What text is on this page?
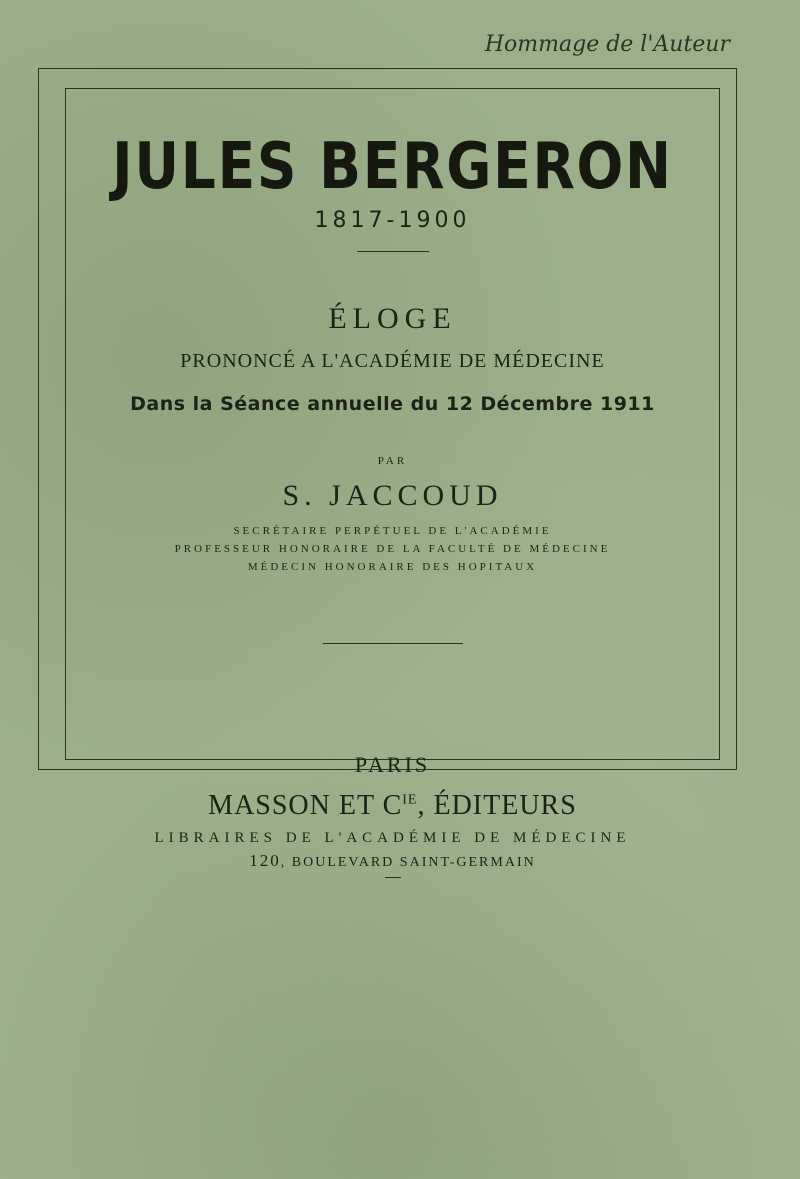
Hommage de l'Auteur
JULES BERGERON
1817-1900
ÉLOGE
PRONONCÉ A L'ACADÉMIE DE MÉDECINE
Dans la Séance annuelle du 12 Décembre 1911
PAR
S. JACCOUD
SECRÉTAIRE PERPÉTUEL DE L'ACADÉMIE
PROFESSEUR HONORAIRE DE LA FACULTÉ DE MÉDECINE
MÉDECIN HONORAIRE DES HOPITAUX
PARIS
MASSON ET $C^{IE}$, ÉDITEURS
LIBRAIRES DE L'ACADÉMIE DE MÉDECINE
120, BOULEVARD SAINT-GERMAIN
